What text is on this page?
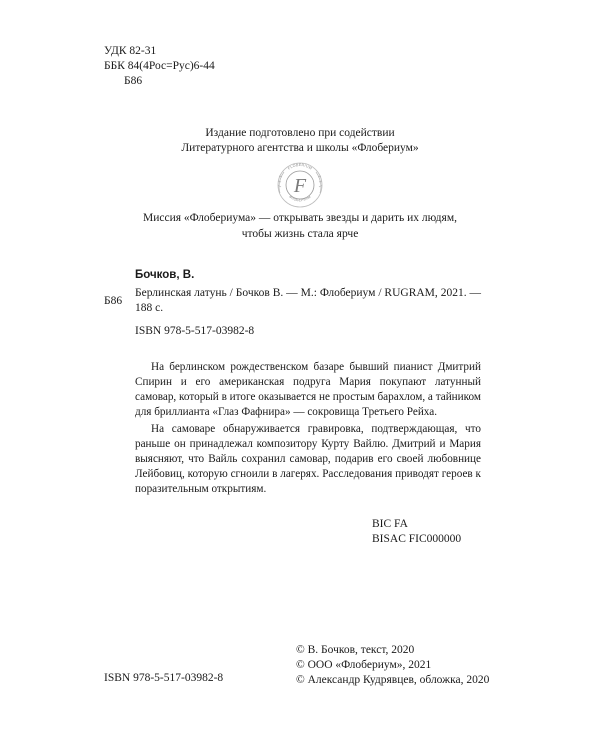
УДК 82-31
ББК 84(4Рос=Рус)6-44
Б86
Издание подготовлено при содействии
Литературного агентства и школы «Флобериум»
FLOBERIUM
ФЛОБЕРИУМ
F
Миссия «Флобериума» — открывать звезды и дарить их людям,
чтобы жизнь стала ярче
Б86
Бочков, В.
Берлинская латунь / Бочков В. — М.: Флобериум / RUGRAM, 2021. — 188 с.
ISBN 978-5-517-03982-8

На берлинском рождественском базаре бывший пианист Дмитрий Спирин и его американская подруга Мария покупают латунный самовар, который в итоге оказывается не простым барахлом, а тайником для бриллианта «Глаз Фафнира» — сокровища Третьего Рейха.

На самоваре обнаруживается гравировка, подтверждающая, что раньше он принадлежал композитору Курту Вайлю. Дмитрий и Мария выясняют, что Вайль сохранил самовар, подарив его своей любовнице Лейбовиц, которую сгноили в лагерях. Расследования приводят героев к поразительным открытиям.

BIC FA
BISAC FIC000000
ISBN 978-5-517-03982-8
© В. Бочков, текст, 2020
© ООО «Флобериум», 2021
© Александр Кудрявцев, обложка, 2020
